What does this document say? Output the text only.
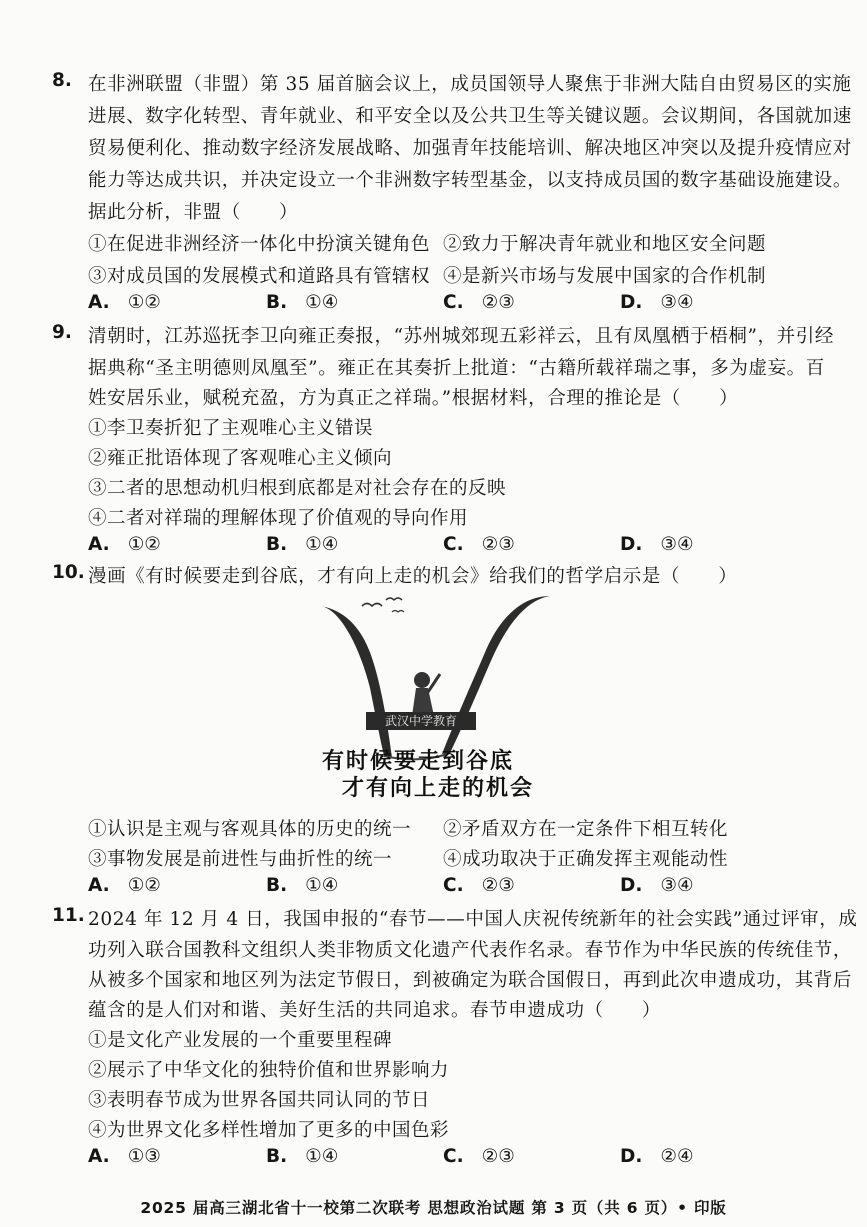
8. 在非洲联盟（非盟）第 35 届首脑会议上，成员国领导人聚焦于非洲大陆自由贸易区的实施
进展、数字化转型、青年就业、和平安全以及公共卫生等关键议题。会议期间，各国就加速
贸易便利化、推动数字经济发展战略、加强青年技能培训、解决地区冲突以及提升疫情应对
能力等达成共识，并决定设立一个非洲数字转型基金，以支持成员国的数字基础设施建设。
据此分析，非盟（　　）
①在促进非洲经济一体化中扮演关键角色 ②致力于解决青年就业和地区安全问题
③对成员国的发展模式和道路具有管辖权 ④是新兴市场与发展中国家的合作机制
A. ①②	B. ①④	C. ②③	D. ③④
9. 清朝时，江苏巡抚李卫向雍正奏报，“苏州城郊现五彩祥云，且有凤凰栖于梧桐”，并引经
据典称“圣主明德则凤凰至”。雍正在其奏折上批道：“古籍所载祥瑞之事，多为虚妄。百
姓安居乐业，赋税充盈，方为真正之祥瑞。”根据材料，合理的推论是（　　）
①李卫奏折犯了主观唯心主义错误
②雍正批语体现了客观唯心主义倾向
③二者的思想动机归根到底都是对社会存在的反映
④二者对祥瑞的理解体现了价值观的导向作用
A. ①②	B. ①④	C. ②③	D. ③④
10. 漫画《有时候要走到谷底，才有向上走的机会》给我们的哲学启示是（　　）
武汉中学教育
有时候要走到谷底
才有向上走的机会
①认识是主观与客观具体的历史的统一 ②矛盾双方在一定条件下相互转化
③事物发展是前进性与曲折性的统一	④成功取决于正确发挥主观能动性
A. ①②	B. ①④	C. ②③	D. ③④
11. 2024 年 12 月 4 日，我国申报的“春节——中国人庆祝传统新年的社会实践”通过评审，成
功列入联合国教科文组织人类非物质文化遗产代表作名录。春节作为中华民族的传统佳节，
从被多个国家和地区列为法定节假日，到被确定为联合国假日，再到此次申遗成功，其背后
蕴含的是人们对和谐、美好生活的共同追求。春节申遗成功（　　）
①是文化产业发展的一个重要里程碑
②展示了中华文化的独特价值和世界影响力
③表明春节成为世界各国共同认同的节日
④为世界文化多样性增加了更多的中国色彩
A. ①③	B. ①④	C. ②③	D. ②④
2025 届高三湖北省十一校第二次联考 思想政治试题 第 3 页（共 6 页）• 印版
